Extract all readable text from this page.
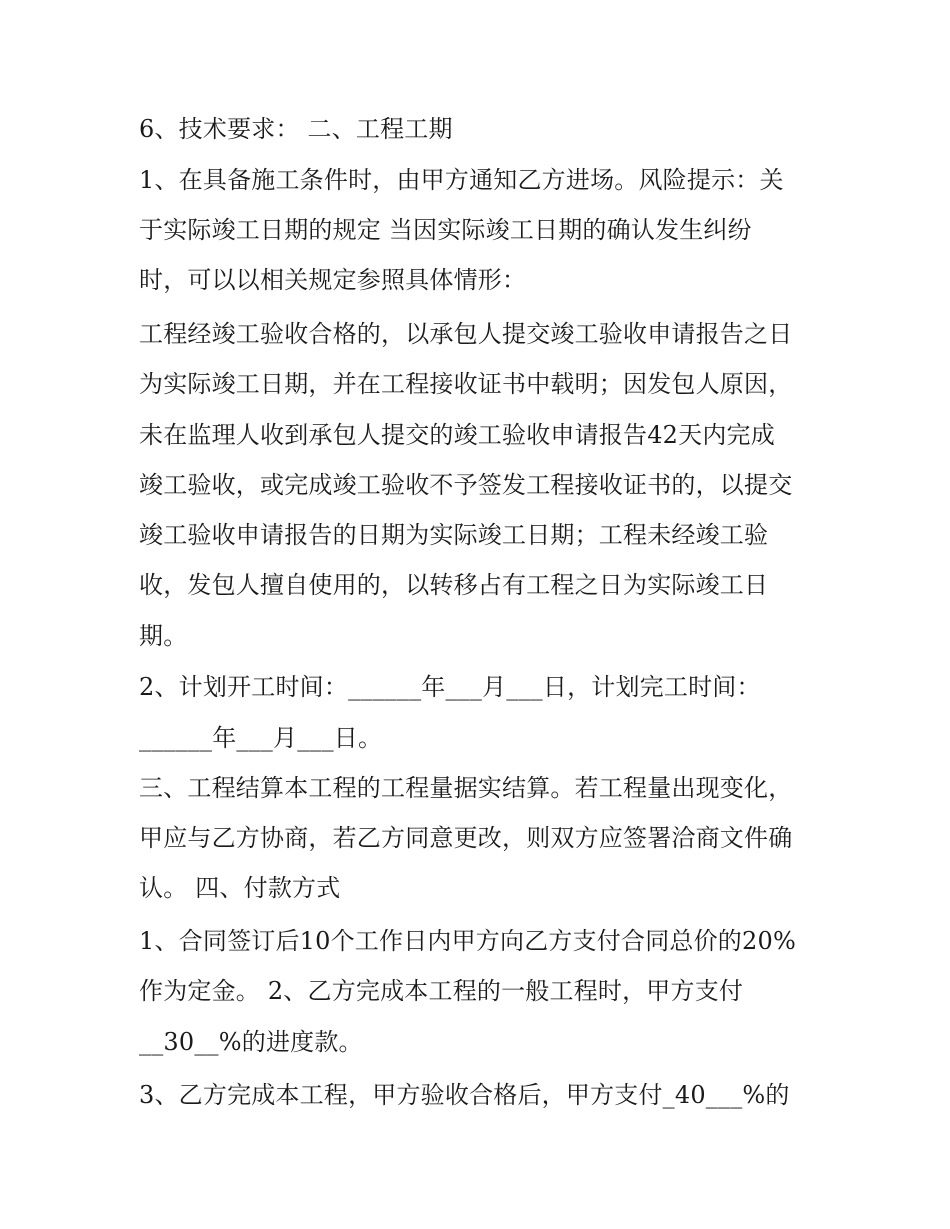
6、技术要求： 二、工程工期
1、在具备施工条件时，由甲方通知乙方进场。风险提示：关
于实际竣工日期的规定 当因实际竣工日期的确认发生纠纷
时，可以以相关规定参照具体情形：
工程经竣工验收合格的，以承包人提交竣工验收申请报告之日
为实际竣工日期，并在工程接收证书中载明；因发包人原因，
未在监理人收到承包人提交的竣工验收申请报告42天内完成
竣工验收，或完成竣工验收不予签发工程接收证书的，以提交
竣工验收申请报告的日期为实际竣工日期；工程未经竣工验
收，发包人擅自使用的，以转移占有工程之日为实际竣工日
期。
2、计划开工时间：______年___月___日，计划完工时间：
______年___月___日。
三、工程结算本工程的工程量据实结算。若工程量出现变化，
甲应与乙方协商，若乙方同意更改，则双方应签署洽商文件确
认。 四、付款方式
1、合同签订后10个工作日内甲方向乙方支付合同总价的20%
作为定金。 2、乙方完成本工程的一般工程时，甲方支付
__30__%的进度款。
3、乙方完成本工程，甲方验收合格后，甲方支付_40___%的
